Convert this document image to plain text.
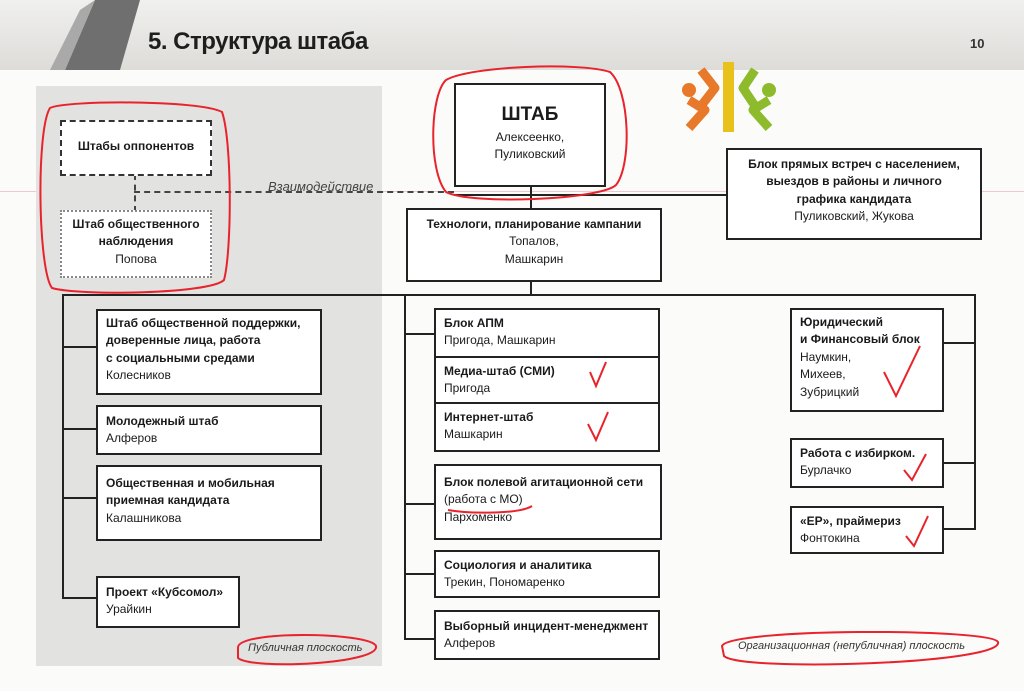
5. Структура штаба	10
Взаимодействие
ШТАБ
Алексеенко,
Пуликовский
Технологи, планирование кампании
Топалов,
Машкарин
Блок прямых встреч с населением,
выездов в районы и личного
графика кандидата
Пуликовский, Жукова
Штабы оппонентов
Штаб общественного
наблюдения
Попова
Штаб общественной поддержки,
доверенные лица, работа
с социальными средами
Колесников
Молодежный штаб
Алферов
Общественная и мобильная
приемная кандидата
Калашникова
Проект «Кубсомол»
Урайкин
Блок АПМ
Пригода, Машкарин
Медиа-штаб (СМИ)
Пригода
Интернет-штаб
Машкарин
Блок полевой агитационной сети
(работа с МО)
Пархоменко
Социология и аналитика
Трекин, Пономаренко
Выборный инцидент-менеджмент
Алферов
Юридический
и Финансовый блок
Наумкин,
Михеев,
Зубрицкий
Работа с избирком.
Бурлачко
«ЕР», праймериз
Фонтокина
Публичная плоскость	Организационная (непубличная) плоскость
